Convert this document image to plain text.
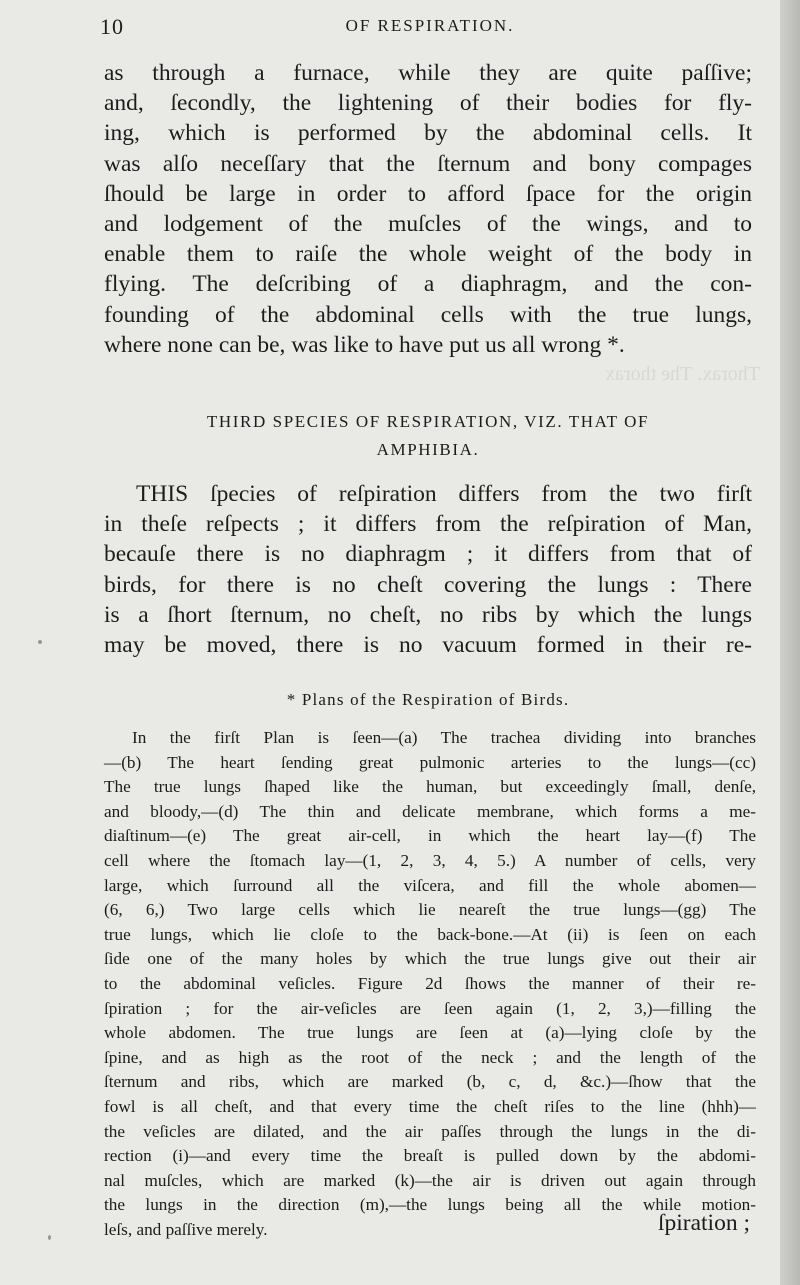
Thoraх. The thorax
10	OF RESPIRATION.
as through a furnace, while they are quite paſſive;
and, ſecondly, the lightening of their bodies for fly-
ing, which is performed by the abdominal cells. It
was alſo neceſſary that the ſternum and bony compages
ſhould be large in order to afford ſpace for the origin
and lodgement of the muſcles of the wings, and to
enable them to raiſe the whole weight of the body in
flying. The deſcribing of a diaphragm, and the con-
founding of the abdominal cells with the true lungs,
where none can be, was like to have put us all wrong *.
THIRD SPECIES OF RESPIRATION, VIZ. THAT OF
AMPHIBIA.
THIS ſpecies of reſpiration differs from the two firſt
in theſe reſpects ; it differs from the reſpiration of Man,
becauſe there is no diaphragm ; it differs from that of
birds, for there is no cheſt covering the lungs : There
is a ſhort ſternum, no cheſt, no ribs by which the lungs
may be moved, there is no vacuum formed in their re-
* Plans of the Respiration of Birds.
In the firſt Plan is ſeen—(a) The trachea dividing into branches
—(b) The heart ſending great pulmonic arteries to the lungs—(cc)
The true lungs ſhaped like the human, but exceedingly ſmall, denſe,
and bloody,—(d) The thin and delicate membrane, which forms a me-
diaſtinum—(e) The great air-cell, in which the heart lay—(f) The
cell where the ſtomach lay—(1, 2, 3, 4, 5.) A number of cells, very
large, which ſurround all the viſcera, and fill the whole abomen—
(6, 6,) Two large cells which lie neareſt the true lungs—(gg) The
true lungs, which lie cloſe to the back-bone.—At (ii) is ſeen on each
ſide one of the many holes by which the true lungs give out their air
to the abdominal veſicles. Figure 2d ſhows the manner of their re-
ſpiration ; for the air-veſicles are ſeen again (1, 2, 3,)—filling the
whole abdomen. The true lungs are ſeen at (a)—lying cloſe by the
ſpine, and as high as the root of the neck ; and the length of the
ſternum and ribs, which are marked (b, c, d, &c.)—ſhow that the
fowl is all cheſt, and that every time the cheſt riſes to the line (hhh)—
the veſicles are dilated, and the air paſſes through the lungs in the di-
rection (i)—and every time the breaſt is pulled down by the abdomi-
nal muſcles, which are marked (k)—the air is driven out again through
the lungs in the direction (m),—the lungs being all the while motion-
leſs, and paſſive merely.	ſpiration ;
